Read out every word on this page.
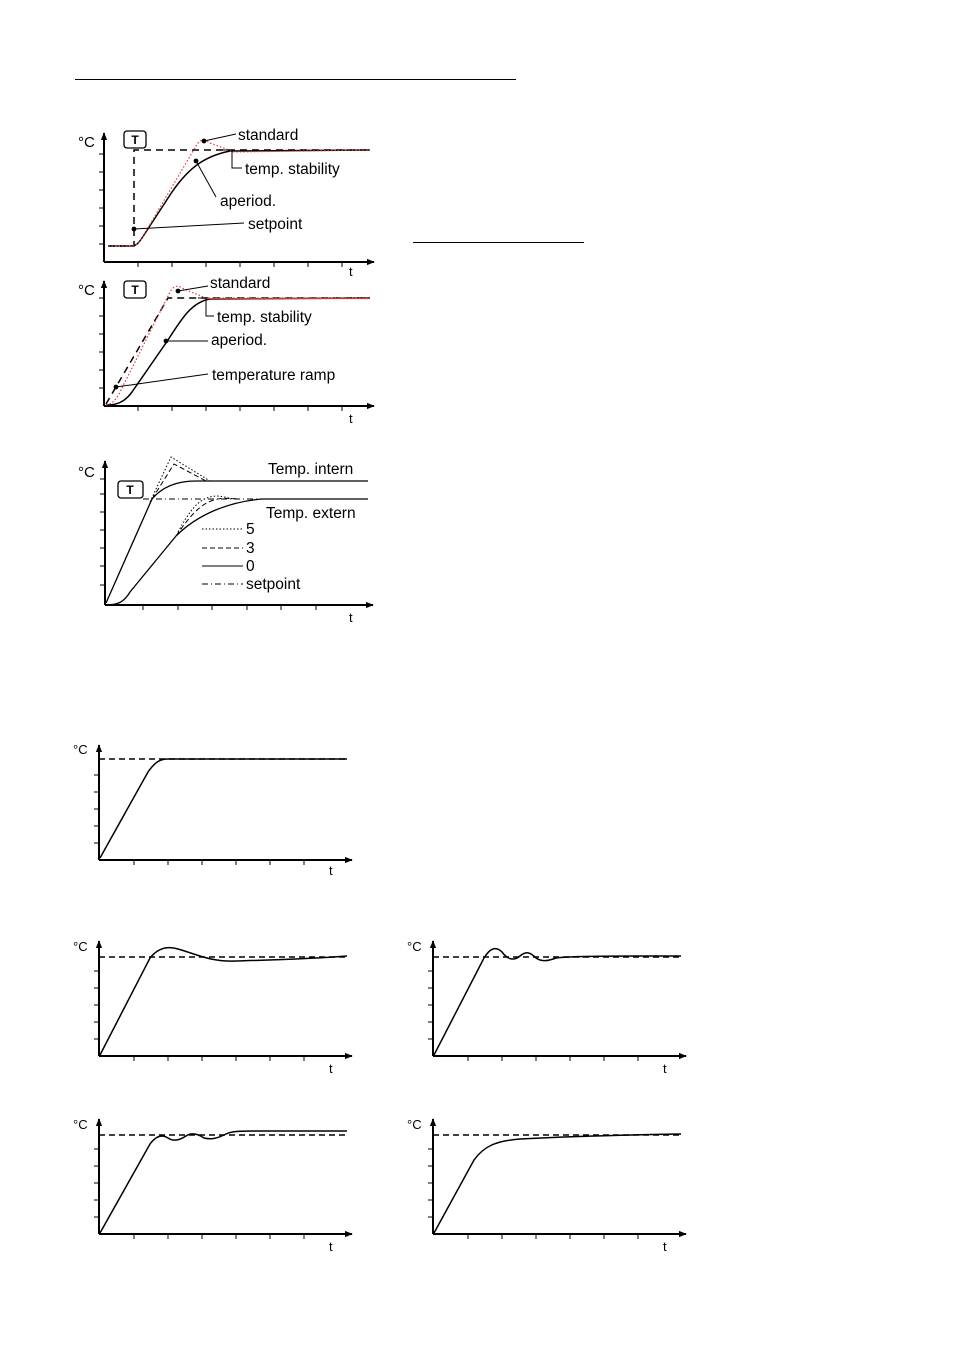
°C
t
T	standard
temp. stability
aperiod.
setpoint
°C
t
T	standard
temp. stability
aperiod.
temperature ramp
°C
t
T
Temp. intern
Temp. extern
5
3
0
setpoint
°C
t
°C
t
°C
t
°C
t
°C
t
